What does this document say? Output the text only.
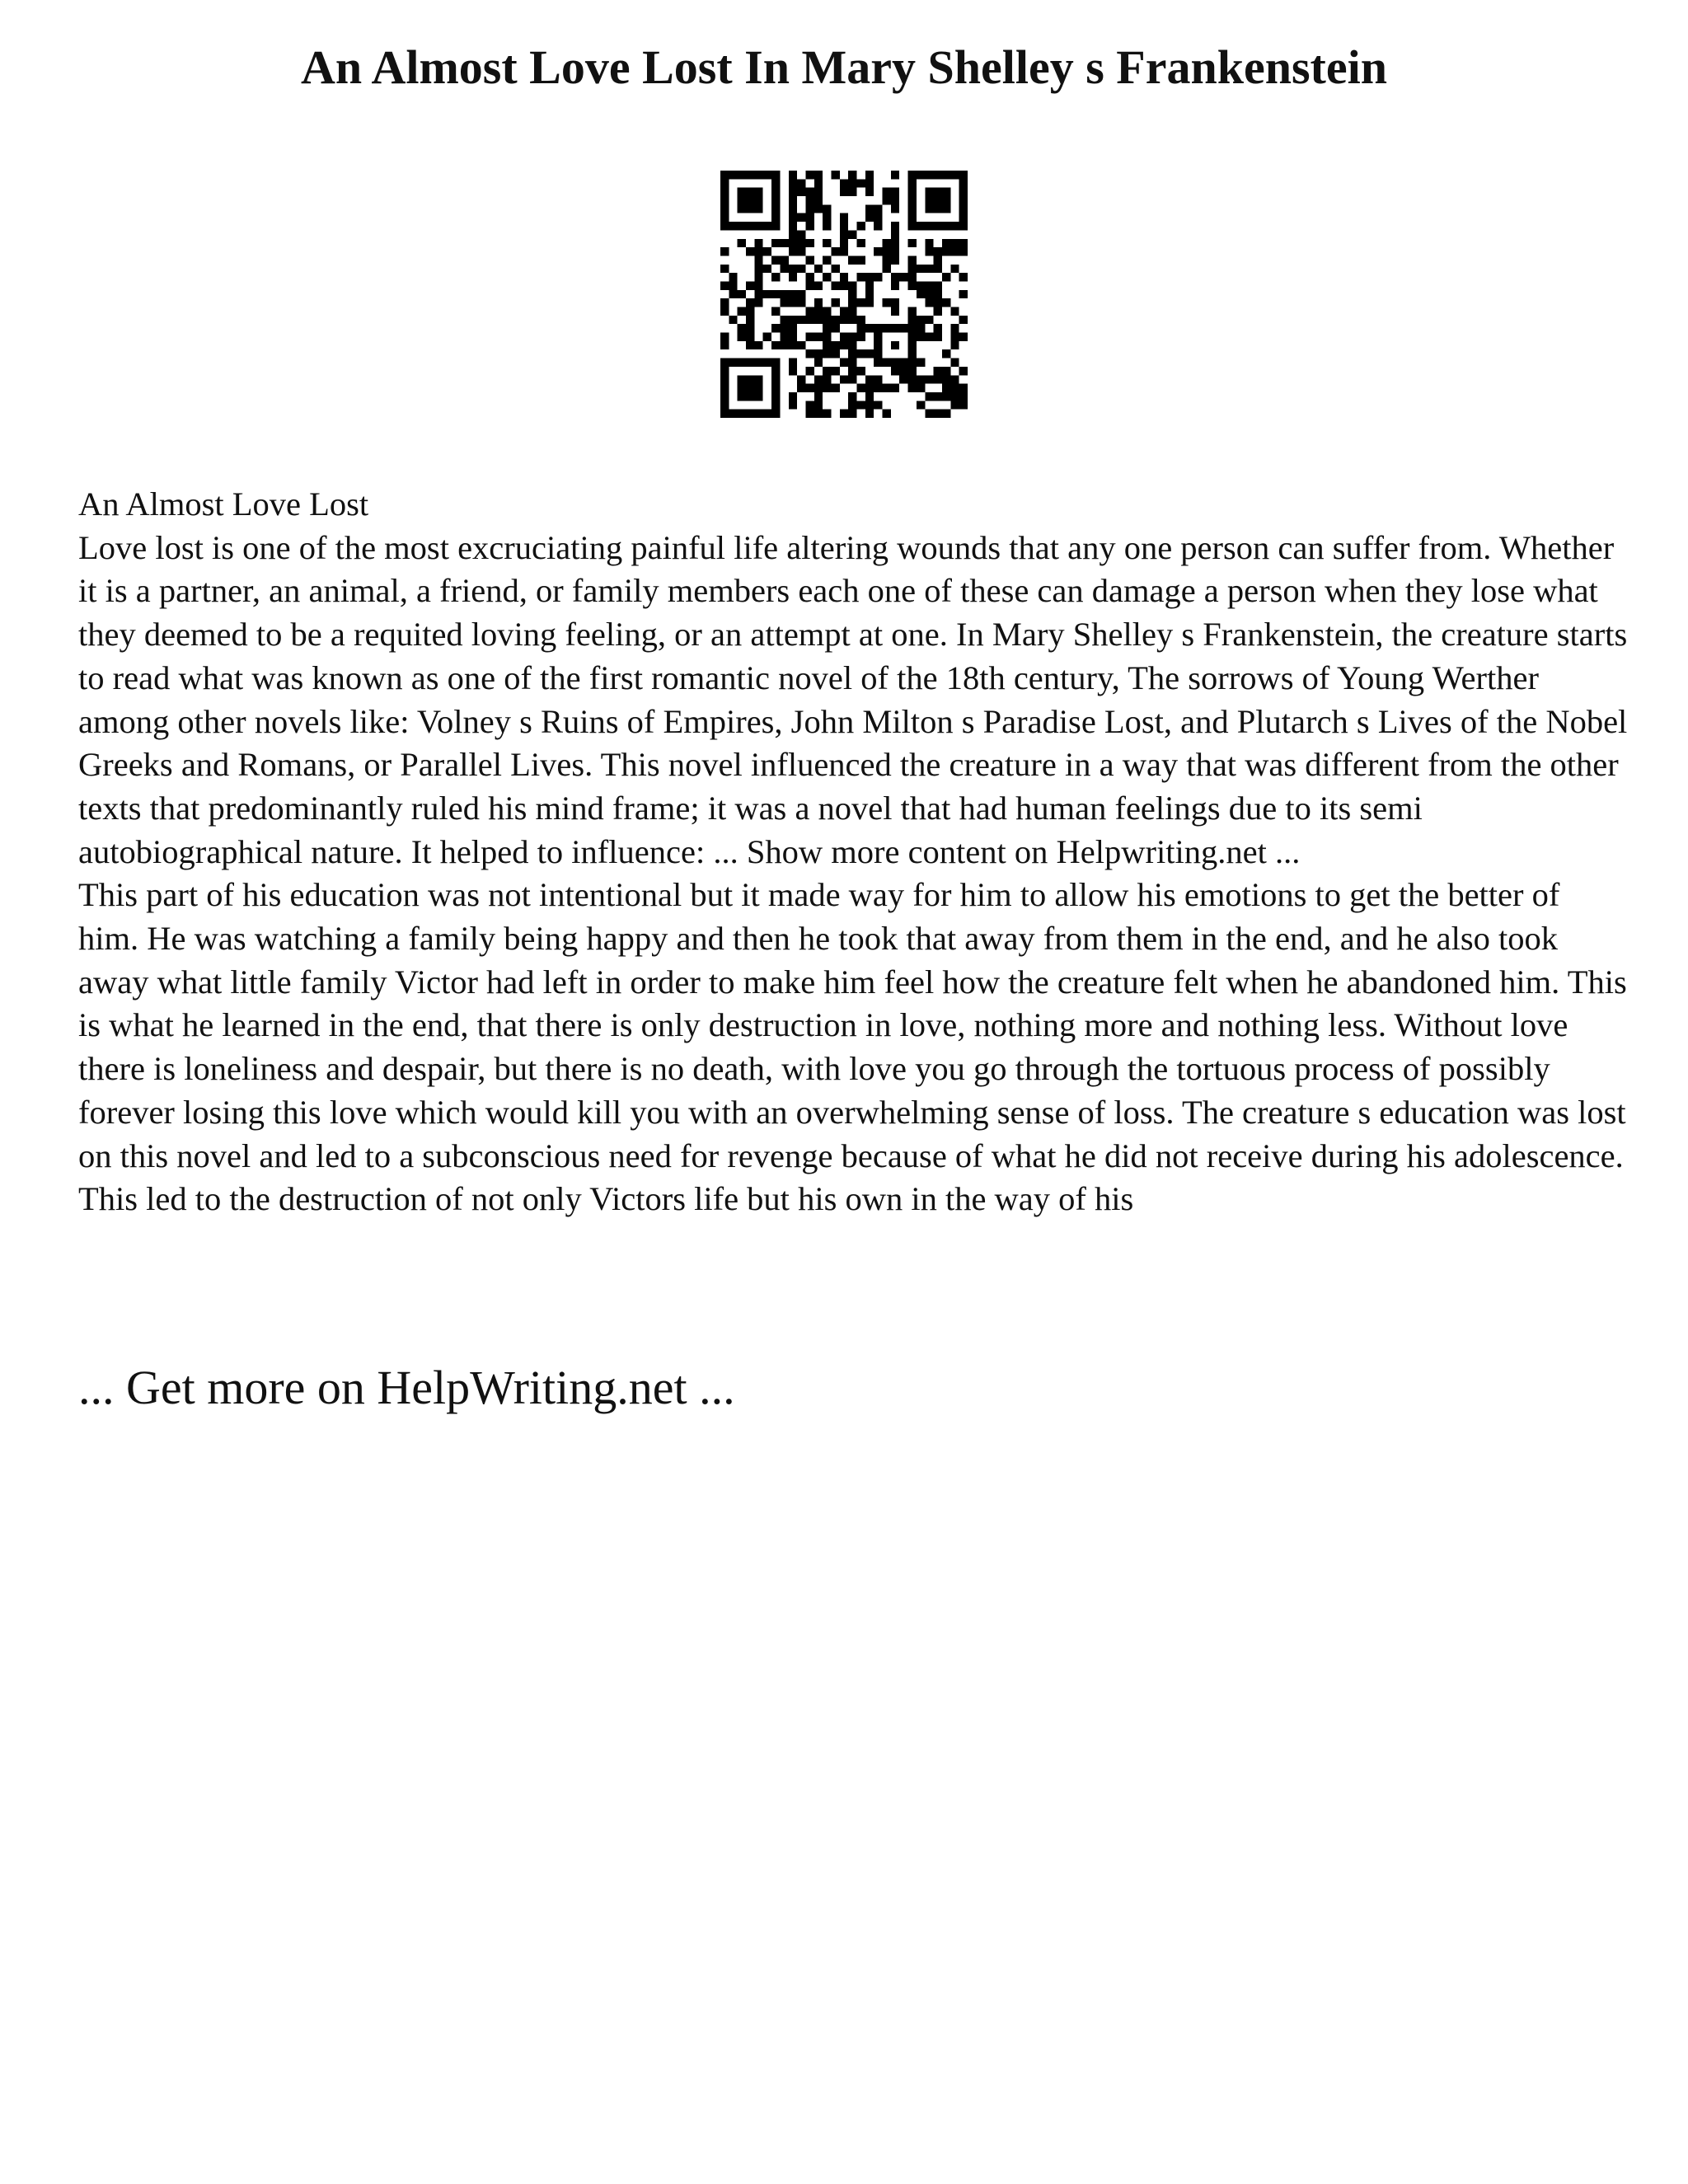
An Almost Love Lost In Mary Shelley s Frankenstein

An Almost Love Lost

Love lost is one of the most excruciating painful life altering wounds that any one person can suffer from. Whether it is a partner, an animal, a friend, or family members each one of these can damage a person when they lose what they deemed to be a requited loving feeling, or an attempt at one. In Mary Shelley s Frankenstein, the creature starts to read what was known as one of the first romantic novel of the 18th century, The sorrows of Young Werther among other novels like: Volney s Ruins of Empires, John Milton s Paradise Lost, and Plutarch s Lives of the Nobel Greeks and Romans, or Parallel Lives. This novel influenced the creature in a way that was different from the other texts that predominantly ruled his mind frame; it was a novel that had human feelings due to its semi autobiographical nature. It helped to influence: ... Show more content on Helpwriting.net ...

This part of his education was not intentional but it made way for him to allow his emotions to get the better of him. He was watching a family being happy and then he took that away from them in the end, and he also took away what little family Victor had left in order to make him feel how the creature felt when he abandoned him. This is what he learned in the end, that there is only destruction in love, nothing more and nothing less. Without love there is loneliness and despair, but there is no death, with love you go through the tortuous process of possibly forever losing this love which would kill you with an overwhelming sense of loss. The creature s education was lost on this novel and led to a subconscious need for revenge because of what he did not receive during his adolescence. This led to the destruction of not only Victors life but his own in the way of his

... Get more on HelpWriting.net ...
